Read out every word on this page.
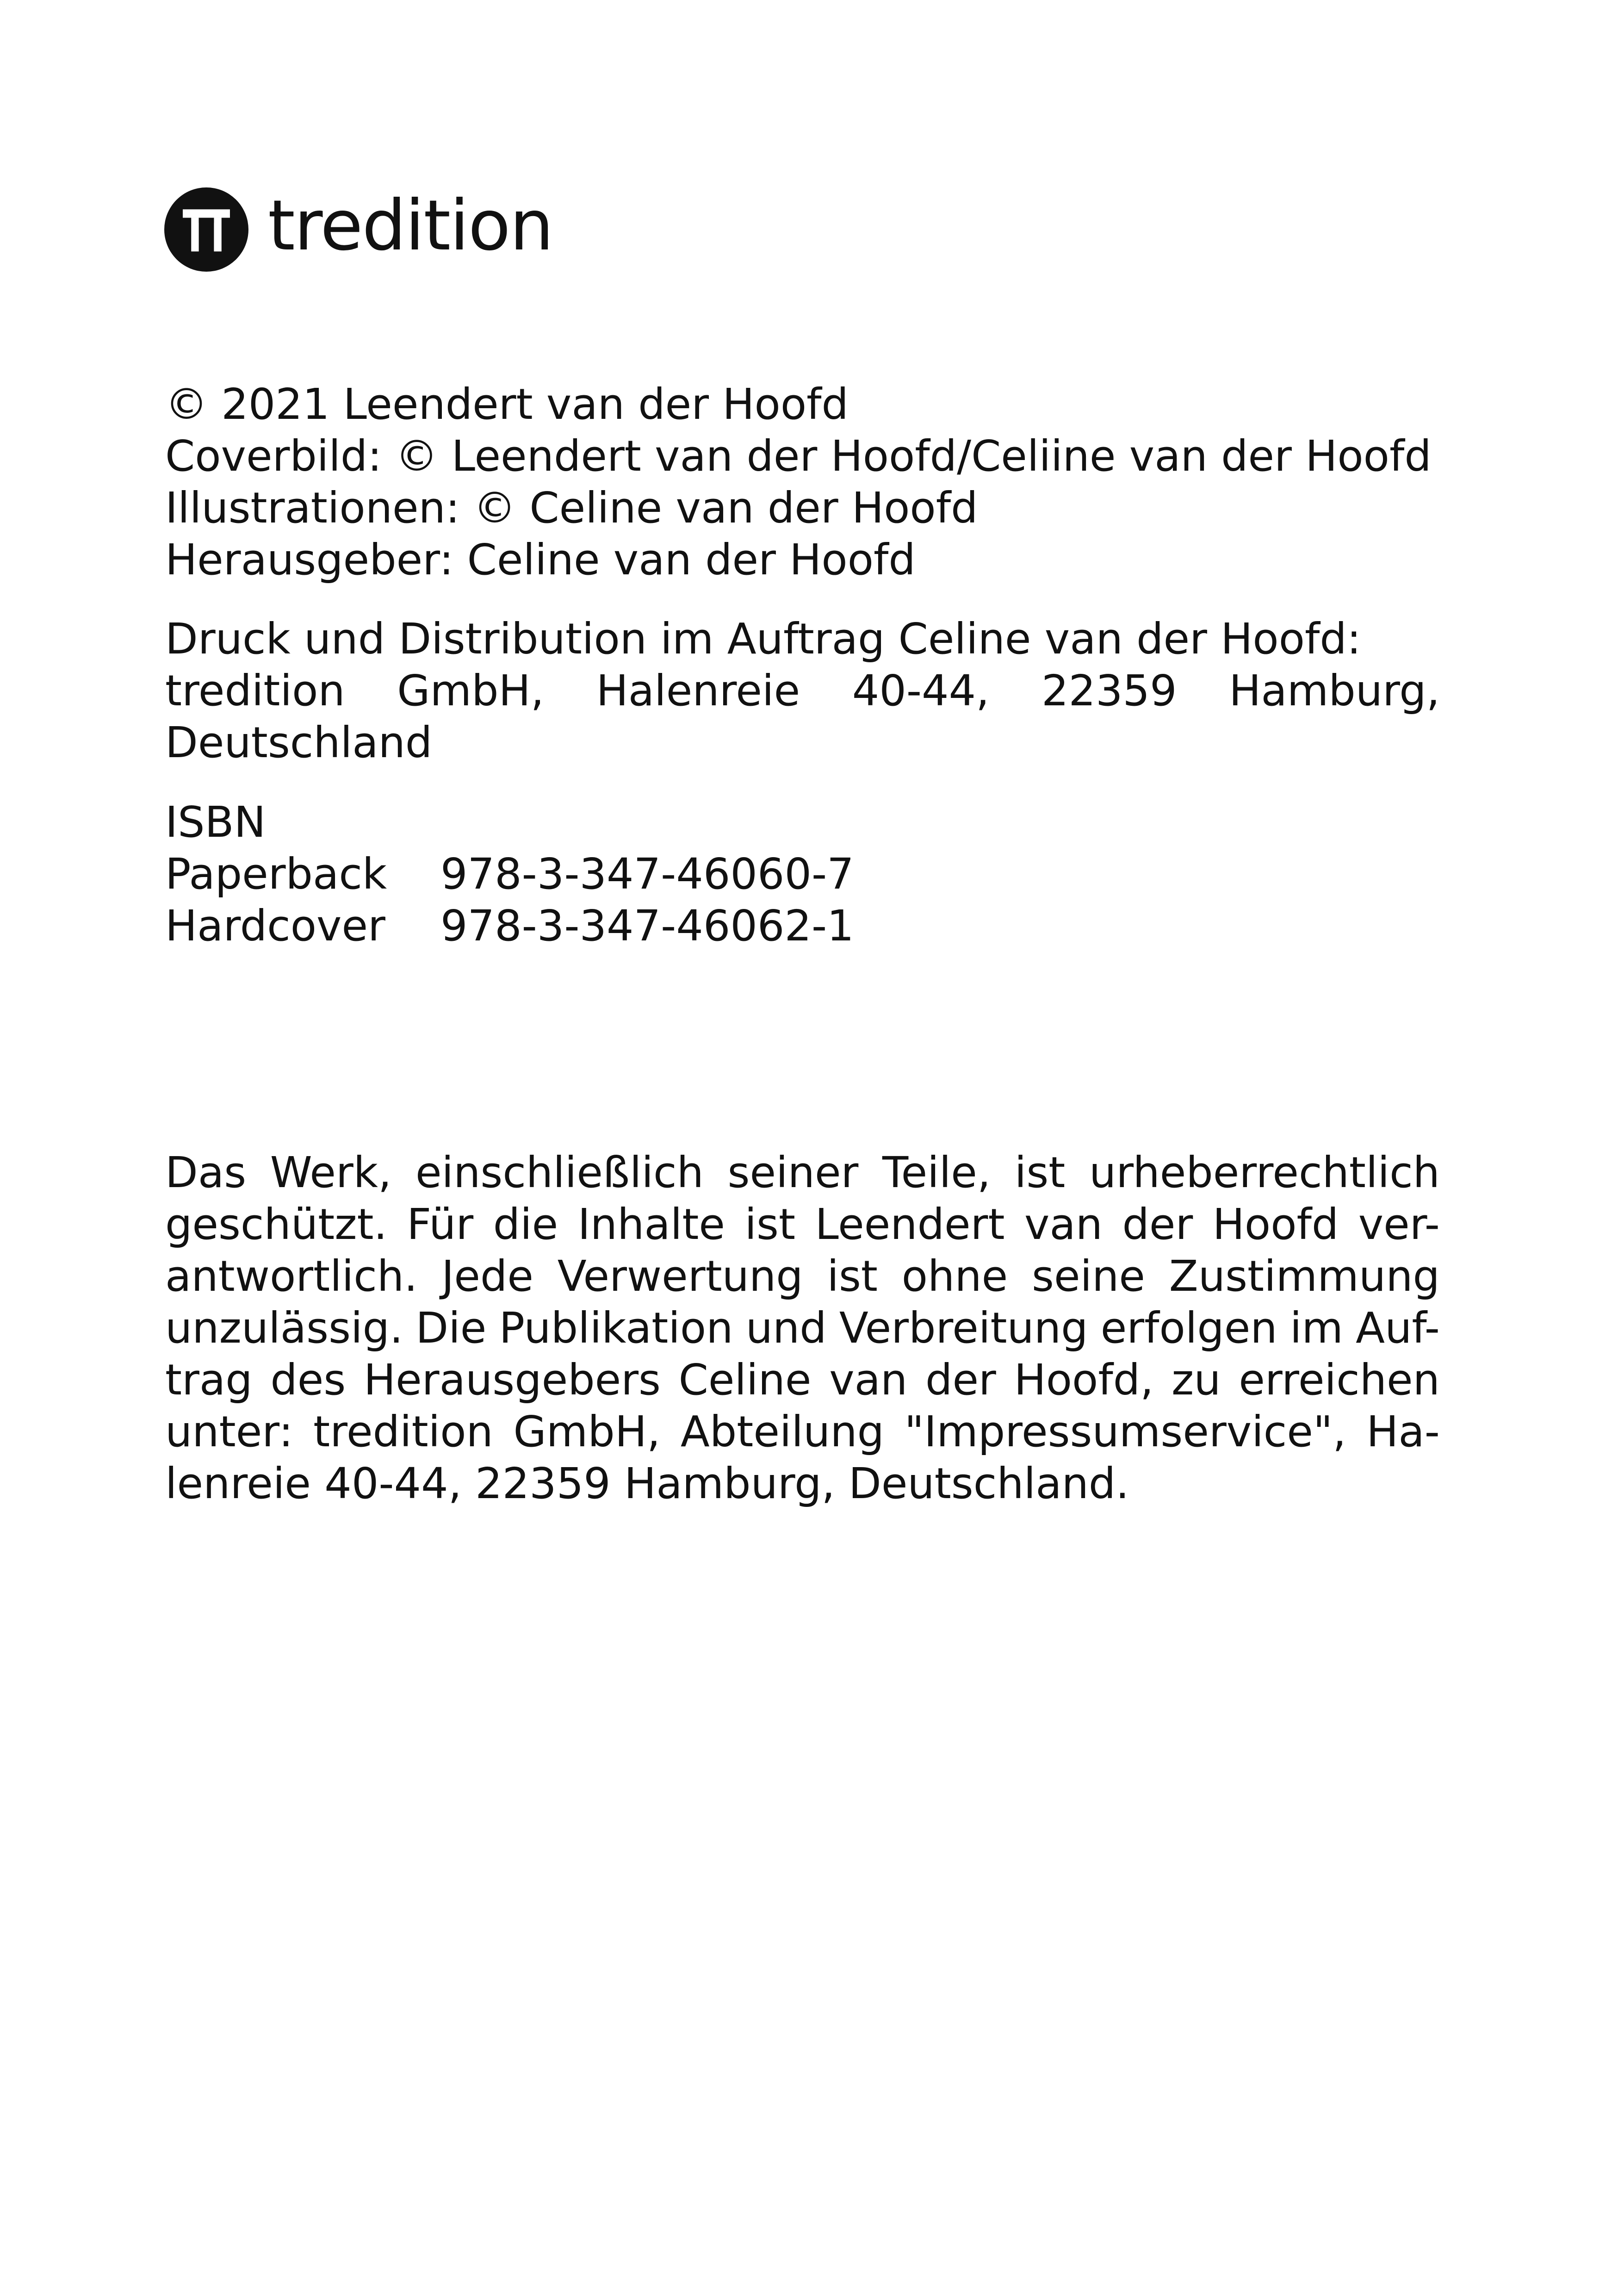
tredition

© 2021 Leendert van der Hoofd

Coverbild: © Leendert van der Hoofd/Celiine van der Hoofd

Illustrationen: © Celine van der Hoofd

Herausgeber: Celine van der Hoofd

Druck und Distribution im Auftrag Celine van der Hoofd:

tredition GmbH, Halenreie 40-44, 22359 Hamburg,

Deutschland

ISBN

Paperback	978-3-347-46060-7
Hardcover	978-3-347-46062-1

Das Werk, einschließlich seiner Teile, ist urheberrechtlich

geschützt. Für die Inhalte ist Leendert van der Hoofd ver-

antwortlich. Jede Verwertung ist ohne seine Zustimmung

unzulässig. Die Publikation und Verbreitung erfolgen im Auf-

trag des Herausgebers Celine van der Hoofd, zu erreichen

unter: tredition GmbH, Abteilung "Impressumservice", Ha-

lenreie 40-44, 22359 Hamburg, Deutschland.
